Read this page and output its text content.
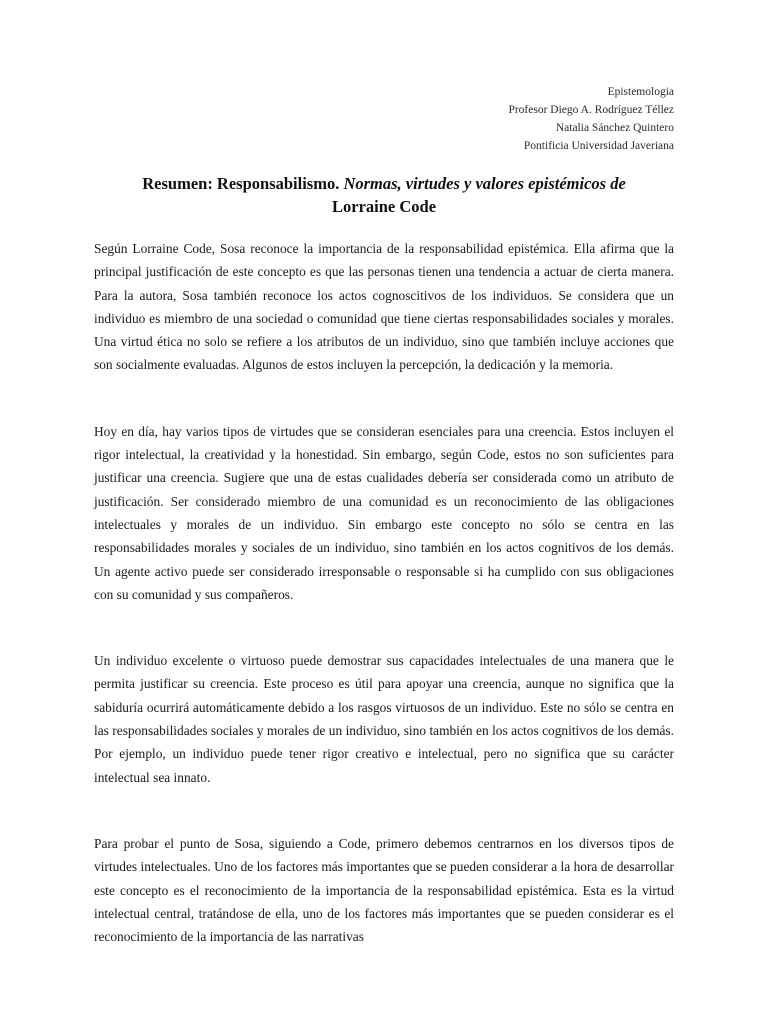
Epistemologia
Profesor Diego A. Rodríguez Téllez
Natalia Sánchez Quintero
Pontificia Universidad Javeriana
Resumen: Responsabilismo. Normas, virtudes y valores epistémicos de
Lorraine Code

Según Lorraine Code, Sosa reconoce la importancia de la responsabilidad epistémica. Ella afirma que la principal justificación de este concepto es que las personas tienen una tendencia a actuar de cierta manera. Para la autora, Sosa también reconoce los actos cognoscitivos de los individuos. Se considera que un individuo es miembro de una sociedad o comunidad que tiene ciertas responsabilidades sociales y morales. Una virtud ética no solo se refiere a los atributos de un individuo, sino que también incluye acciones que son socialmente evaluadas. Algunos de estos incluyen la percepción, la dedicación y la memoria.

Hoy en día, hay varios tipos de virtudes que se consideran esenciales para una creencia. Estos incluyen el rigor intelectual, la creatividad y la honestidad. Sin embargo, según Code, estos no son suficientes para justificar una creencia. Sugiere que una de estas cualidades debería ser considerada como un atributo de justificación. Ser considerado miembro de una comunidad es un reconocimiento de las obligaciones intelectuales y morales de un individuo. Sin embargo este concepto no sólo se centra en las responsabilidades morales y sociales de un individuo, sino también en los actos cognitivos de los demás. Un agente activo puede ser considerado irresponsable o responsable si ha cumplido con sus obligaciones con su comunidad y sus compañeros.

Un individuo excelente o virtuoso puede demostrar sus capacidades intelectuales de una manera que le permita justificar su creencia. Este proceso es útil para apoyar una creencia, aunque no significa que la sabiduría ocurrirá automáticamente debido a los rasgos virtuosos de un individuo. Este no sólo se centra en las responsabilidades sociales y morales de un individuo, sino también en los actos cognitivos de los demás. Por ejemplo, un individuo puede tener rigor creativo e intelectual, pero no significa que su carácter intelectual sea innato.

Para probar el punto de Sosa, siguiendo a Code, primero debemos centrarnos en los diversos tipos de virtudes intelectuales. Uno de los factores más importantes que se pueden considerar a la hora de desarrollar este concepto es el reconocimiento de la importancia de la responsabilidad epistémica. Esta es la virtud intelectual central, tratándose de ella, uno de los factores más importantes que se pueden considerar es el reconocimiento de la importancia de las narrativas
